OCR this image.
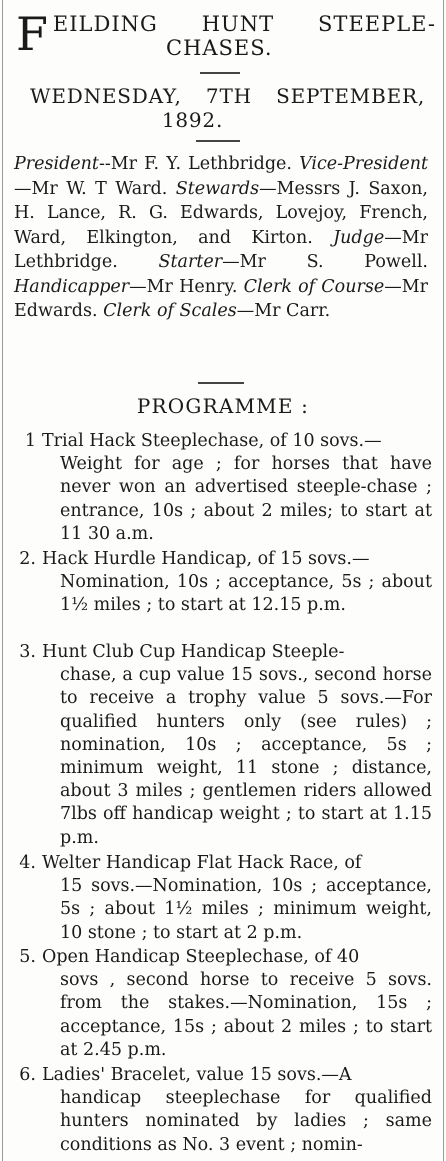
F EILDING HUNT STEEPLE-
CHASES.
WEDNESDAY, 7TH SEPTEMBER,
1892.
President--Mr F. Y. Lethbridge. Vice-President—Mr W. T Ward. Stewards—Messrs J. Saxon, H. Lance, R. G. Edwards, Lovejoy, French, Ward, Elkington, and Kirton. Judge—Mr Lethbridge. Starter—Mr S. Powell. Handicapper—Mr Henry. Clerk of Course—Mr Edwards. Clerk of Scales—Mr Carr.
PROGRAMME :
1 Trial Hack Steeplechase, of 10 sovs.—
Weight for age ; for horses that have never won an advertised steeple-chase ; entrance, 10s ; about 2 miles; to start at 11 30 a.m.
2. Hack Hurdle Handicap, of 15 sovs.—
Nomination, 10s ; acceptance, 5s ; about 1½ miles ; to start at 12.15 p.m.
3. Hunt Club Cup Handicap Steeple-
chase, a cup value 15 sovs., second horse to receive a trophy value 5 sovs.—For qualified hunters only (see rules) ; nomination, 10s ; acceptance, 5s ; minimum weight, 11 stone ; distance, about 3 miles ; gentlemen riders allowed 7lbs off handicap weight ; to start at 1.15 p.m.
4. Welter Handicap Flat Hack Race, of
15 sovs.—Nomination, 10s ; acceptance, 5s ; about 1½ miles ; minimum weight, 10 stone ; to start at 2 p.m.
5. Open Handicap Steeplechase, of 40
sovs , second horse to receive 5 sovs. from the stakes.—Nomination, 15s ; acceptance, 15s ; about 2 miles ; to start at 2.45 p.m.
6. Ladies' Bracelet, value 15 sovs.—A
handicap steeplechase for qualified hunters nominated by ladies ; same conditions as No. 3 event ; nomin-
